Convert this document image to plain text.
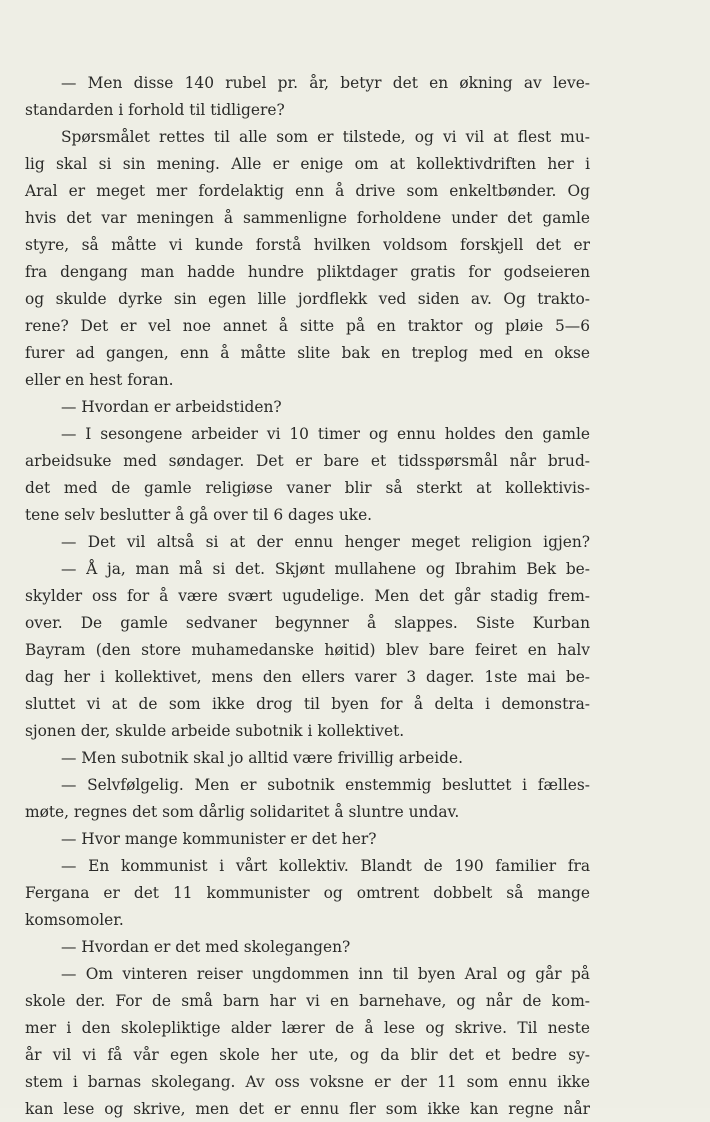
— Men disse 140 rubel pr. år, betyr det en økning av leve-
standarden i forhold til tidligere?
Spørsmålet rettes til alle som er tilstede, og vi vil at flest mu-
lig skal si sin mening. Alle er enige om at kollektivdriften her i
Aral er meget mer fordelaktig enn å drive som enkeltbønder. Og
hvis det var meningen å sammenligne forholdene under det gamle
styre, så måtte vi kunde forstå hvilken voldsom forskjell det er
fra dengang man hadde hundre pliktdager gratis for godseieren
og skulde dyrke sin egen lille jordflekk ved siden av. Og trakto-
rene? Det er vel noe annet å sitte på en traktor og pløie 5—6
furer ad gangen, enn å måtte slite bak en treplog med en okse
eller en hest foran.
— Hvordan er arbeidstiden?
— I sesongene arbeider vi 10 timer og ennu holdes den gamle
arbeidsuke med søndager. Det er bare et tidsspørsmål når brud-
det med de gamle religiøse vaner blir så sterkt at kollektivis-
tene selv beslutter å gå over til 6 dages uke.
— Det vil altså si at der ennu henger meget religion igjen?
— Å ja, man må si det. Skjønt mullahene og Ibrahim Bek be-
skylder oss for å være svært ugudelige. Men det går stadig frem-
over. De gamle sedvaner begynner å slappes. Siste Kurban
Bayram (den store muhamedanske høitid) blev bare feiret en halv
dag her i kollektivet, mens den ellers varer 3 dager. 1ste mai be-
sluttet vi at de som ikke drog til byen for å delta i demonstra-
sjonen der, skulde arbeide subotnik i kollektivet.
— Men subotnik skal jo alltid være frivillig arbeide.
— Selvfølgelig. Men er subotnik enstemmig besluttet i fælles-
møte, regnes det som dårlig solidaritet å sluntre undav.
— Hvor mange kommunister er det her?
— En kommunist i vårt kollektiv. Blandt de 190 familier fra
Fergana er det 11 kommunister og omtrent dobbelt så mange
komsomoler.
— Hvordan er det med skolegangen?
— Om vinteren reiser ungdommen inn til byen Aral og går på
skole der. For de små barn har vi en barnehave, og når de kom-
mer i den skolepliktige alder lærer de å lese og skrive. Til neste
år vil vi få vår egen skole her ute, og da blir det et bedre sy-
stem i barnas skolegang. Av oss voksne er der 11 som ennu ikke
kan lese og skrive, men det er ennu fler som ikke kan regne når
